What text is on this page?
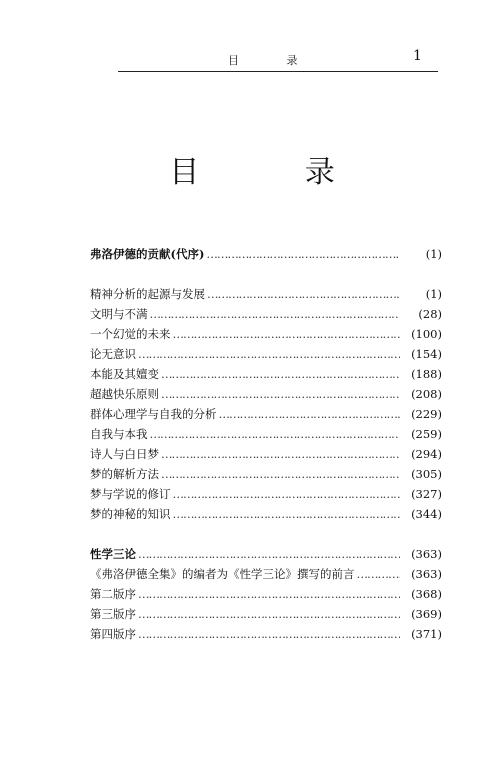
目 录	1
目 录
弗洛伊德的贡献(代序) …………………………………………………………………………………………………………………………	(1)
精神分析的起源与发展 …………………………………………………………………………………………………………………………	(1)
文明与不满 …………………………………………………………………………………………………………………………	(28)
一个幻觉的未来 …………………………………………………………………………………………………………………………	(100)
论无意识 …………………………………………………………………………………………………………………………	(154)
本能及其嬗变 …………………………………………………………………………………………………………………………	(188)
超越快乐原则 …………………………………………………………………………………………………………………………	(208)
群体心理学与自我的分析 …………………………………………………………………………………………………………………………	(229)
自我与本我 …………………………………………………………………………………………………………………………	(259)
诗人与白日梦 …………………………………………………………………………………………………………………………	(294)
梦的解析方法 …………………………………………………………………………………………………………………………	(305)
梦与学说的修订 …………………………………………………………………………………………………………………………	(327)
梦的神秘的知识 …………………………………………………………………………………………………………………………	(344)
性学三论 …………………………………………………………………………………………………………………………	(363)
《弗洛伊德全集》的编者为《性学三论》撰写的前言 …………………………………………………………………………………………………………………………	(363)
第二版序 …………………………………………………………………………………………………………………………	(368)
第三版序 …………………………………………………………………………………………………………………………	(369)
第四版序 …………………………………………………………………………………………………………………………	(371)
